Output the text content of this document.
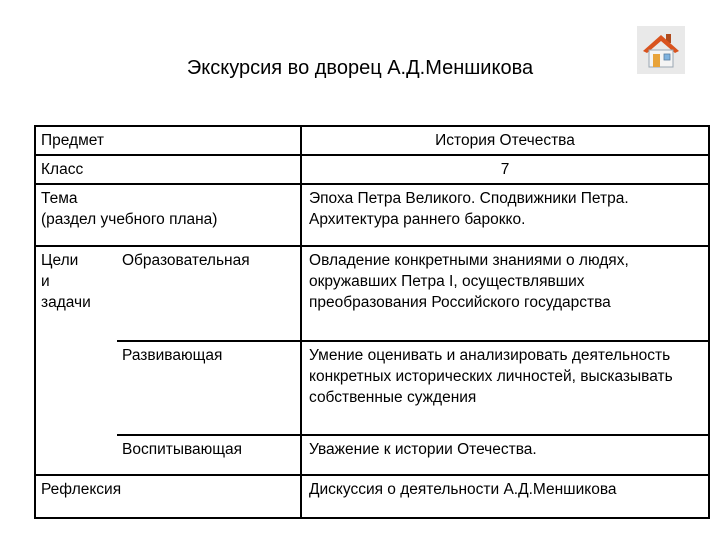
Экскурсия во дворец А.Д.Меншикова
Предмет		История Отечества
Класс		7

Тема
(раздел учебного плана)		Эпоха Петра Великого. Сподвижники Петра. Архитектура раннего барокко.

Цели
и
задачи	Образовательная	Овладение конкретными знаниями о людях, окружавших Петра I, осуществлявших преобразования Российского государства
	Развивающая	Умение оценивать и анализировать деятельность конкретных исторических личностей, высказывать собственные суждения
	Воспитывающая	Уважение к истории Отечества.
Рефлексия		Дискуссия о деятельности А.Д.Меншикова
